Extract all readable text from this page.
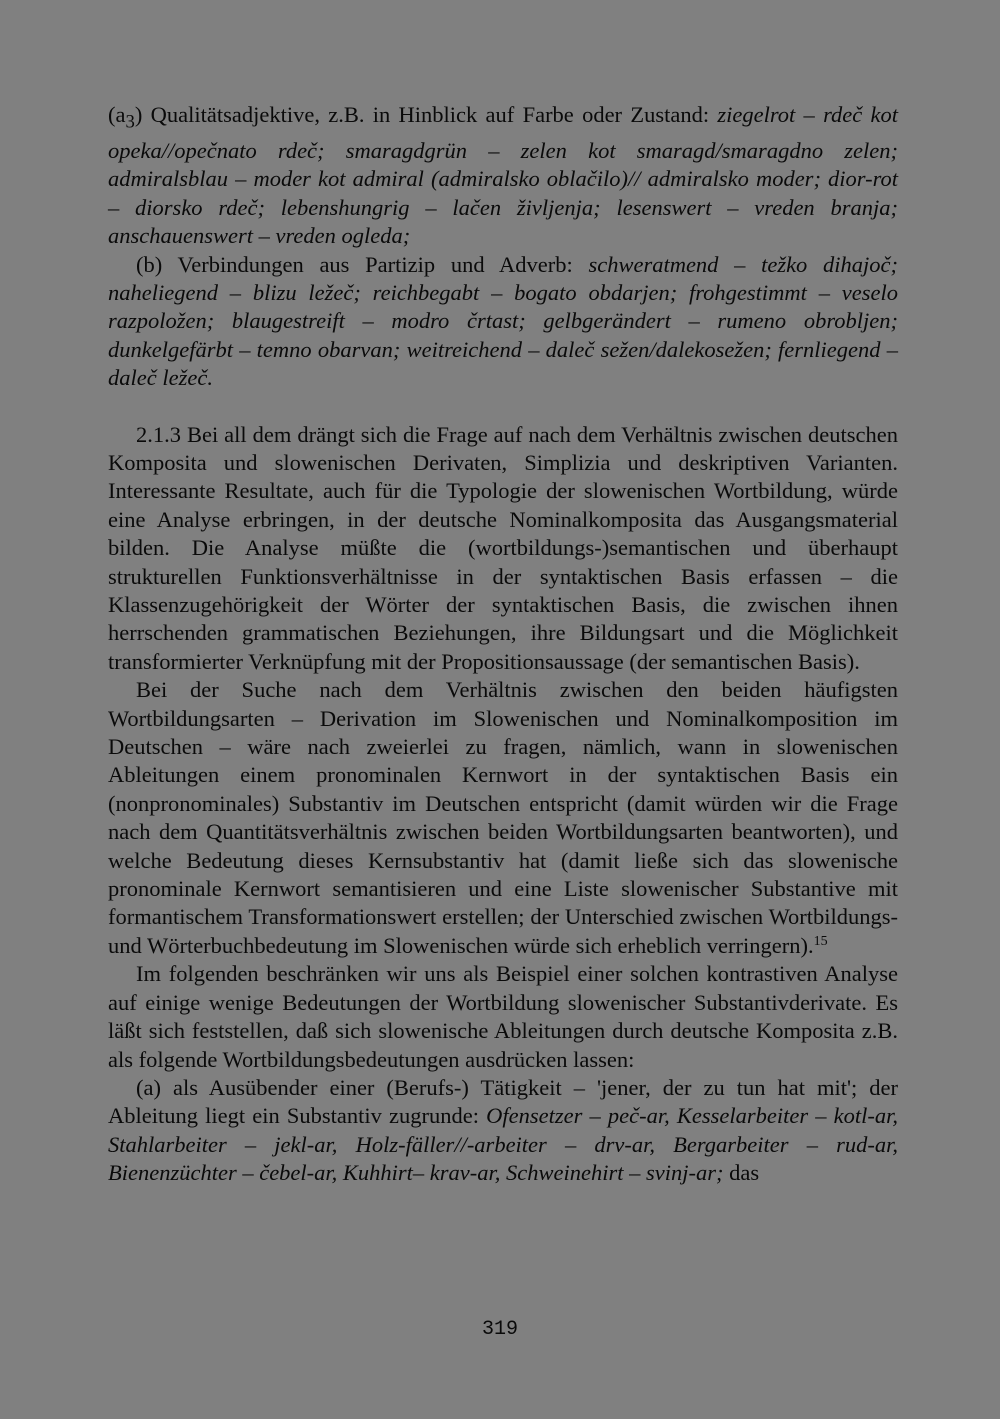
$(a_3)$ Qualitätsadjektive, z.B. in Hinblick auf Farbe oder Zustand: ziegelrot – rdeč kot opeka//opečnato rdeč; smaragdgrün – zelen kot smaragd/smaragdno zelen; admiralsblau – moder kot admiral (admiralsko oblačilo)// admiralsko moder; dior-rot – diorsko rdeč; lebenshungrig – lačen življenja; lesenswert – vreden branja; anschauenswert – vreden ogleda;

(b) Verbindungen aus Partizip und Adverb: schweratmend – težko dihajoč; naheliegend – blizu ležeč; reichbegabt – bogato obdarjen; frohgestimmt – veselo razpoložen; blaugestreift – modro črtast; gelbgerändert – rumeno obrobljen; dunkelgefärbt – temno obarvan; weitreichend – daleč sežen/dalekosežen; fernliegend – daleč ležeč.

2.1.3 Bei all dem drängt sich die Frage auf nach dem Verhältnis zwischen deutschen Komposita und slowenischen Derivaten, Simplizia und deskriptiven Varianten. Interessante Resultate, auch für die Typologie der slowenischen Wortbildung, würde eine Analyse erbringen, in der deutsche Nominalkomposita das Ausgangsmaterial bilden. Die Analyse müßte die (wortbildungs-)semantischen und überhaupt strukturellen Funktionsverhältnisse in der syntaktischen Basis erfassen – die Klassenzugehörigkeit der Wörter der syntaktischen Basis, die zwischen ihnen herrschenden grammatischen Beziehungen, ihre Bildungsart und die Möglichkeit transformierter Verknüpfung mit der Propositionsaussage (der semantischen Basis).

Bei der Suche nach dem Verhältnis zwischen den beiden häufigsten Wortbildungsarten – Derivation im Slowenischen und Nominalkomposition im Deutschen – wäre nach zweierlei zu fragen, nämlich, wann in slowenischen Ableitungen einem pronominalen Kernwort in der syntaktischen Basis ein (nonpronominales) Substantiv im Deutschen entspricht (damit würden wir die Frage nach dem Quantitätsverhältnis zwischen beiden Wortbildungsarten beantworten), und welche Bedeutung dieses Kernsubstantiv hat (damit ließe sich das slowenische pronominale Kernwort semantisieren und eine Liste slowenischer Substantive mit formantischem Transformationswert erstellen; der Unterschied zwischen Wortbildungs- und Wörterbuchbedeutung im Slowenischen würde sich erheblich verringern).$^{15}$

Im folgenden beschränken wir uns als Beispiel einer solchen kontrastiven Analyse auf einige wenige Bedeutungen der Wortbildung slowenischer Substantivderivate. Es läßt sich feststellen, daß sich slowenische Ableitungen durch deutsche Komposita z.B. als folgende Wortbildungsbedeutungen ausdrücken lassen:

(a) als Ausübender einer (Berufs-) Tätigkeit – 'jener, der zu tun hat mit'; der Ableitung liegt ein Substantiv zugrunde: Ofensetzer – peč-ar, Kesselarbeiter – kotl-ar, Stahlarbeiter – jekl-ar, Holz-fäller//-arbeiter – drv-ar, Bergarbeiter – rud-ar, Bienenzüchter – čebel-ar, Kuhhirt– krav-ar, Schweinehirt – svinj-ar; das

319
